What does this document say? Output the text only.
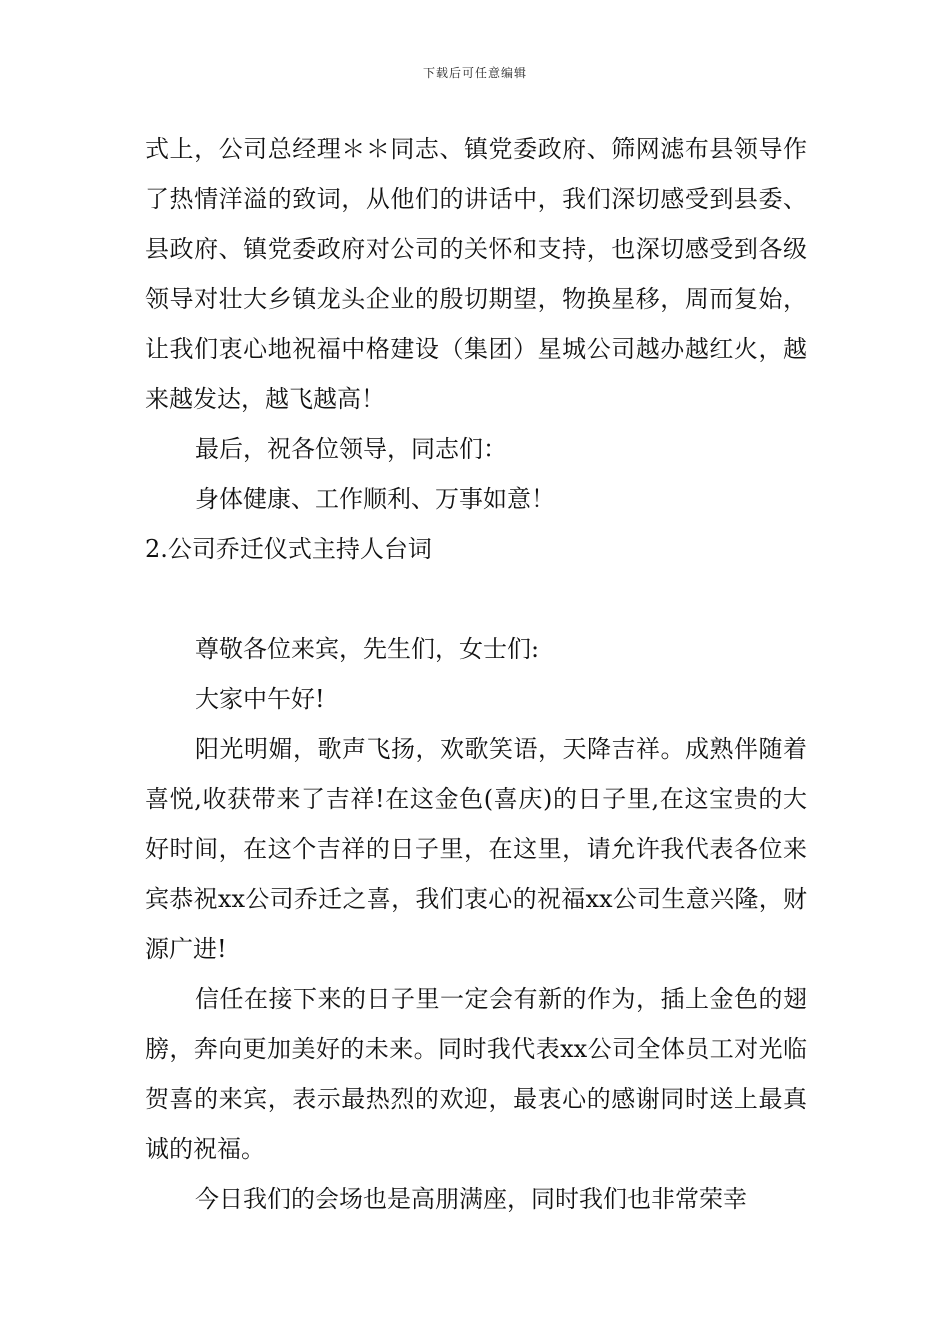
下载后可任意编辑

式上，公司总经理＊＊同志、镇党委政府、筛网滤布县领导作了热情洋溢的致词，从他们的讲话中，我们深切感受到县委、县政府、镇党委政府对公司的关怀和支持，也深切感受到各级领导对壮大乡镇龙头企业的殷切期望，物换星移，周而复始，让我们衷心地祝福中格建设（集团）星城公司越办越红火，越来越发达，越飞越高！

最后，祝各位领导，同志们：

身体健康、工作顺利、万事如意！

2.公司乔迁仪式主持人台词

尊敬各位来宾，先生们，女士们:

大家中午好!

阳光明媚，歌声飞扬，欢歌笑语，天降吉祥。成熟伴随着喜悦,收获带来了吉祥!在这金色(喜庆)的日子里,在这宝贵的大好时间，在这个吉祥的日子里，在这里，请允许我代表各位来宾恭祝xx公司乔迁之喜，我们衷心的祝福xx公司生意兴隆，财源广进!

信任在接下来的日子里一定会有新的作为，插上金色的翅膀，奔向更加美好的未来。同时我代表xx公司全体员工对光临贺喜的来宾，表示最热烈的欢迎，最衷心的感谢同时送上最真诚的祝福。

今日我们的会场也是高朋满座，同时我们也非常荣幸
